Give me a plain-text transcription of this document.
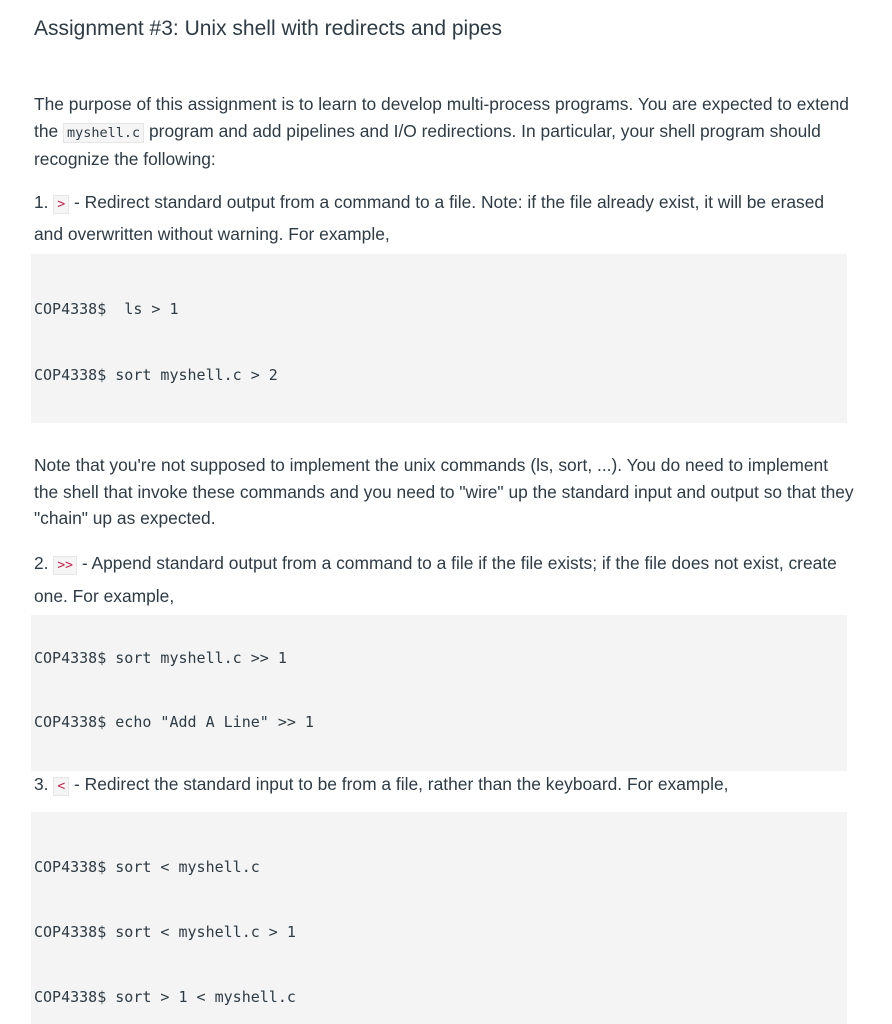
Assignment #3: Unix shell with redirects and pipes

The purpose of this assignment is to learn to develop multi-process programs. You are expected to extend the myshell.c program and add pipelines and I/O redirections. In particular, your shell program should recognize the following:

1. > - Redirect standard output from a command to a file. Note: if the file already exist, it will be erased and overwritten without warning. For example,

COP4338$  ls > 1
COP4338$ sort myshell.c > 2

Note that you're not supposed to implement the unix commands (ls, sort, ...). You do need to implement the shell that invoke these commands and you need to "wire" up the standard input and output so that they "chain" up as expected.

2. >> - Append standard output from a command to a file if the file exists; if the file does not exist, create one. For example,

COP4338$ sort myshell.c >> 1
COP4338$ echo "Add A Line" >> 1

3. < - Redirect the standard input to be from a file, rather than the keyboard. For example,

COP4338$ sort < myshell.c
COP4338$ sort < myshell.c > 1
COP4338$ sort > 1 < myshell.c
